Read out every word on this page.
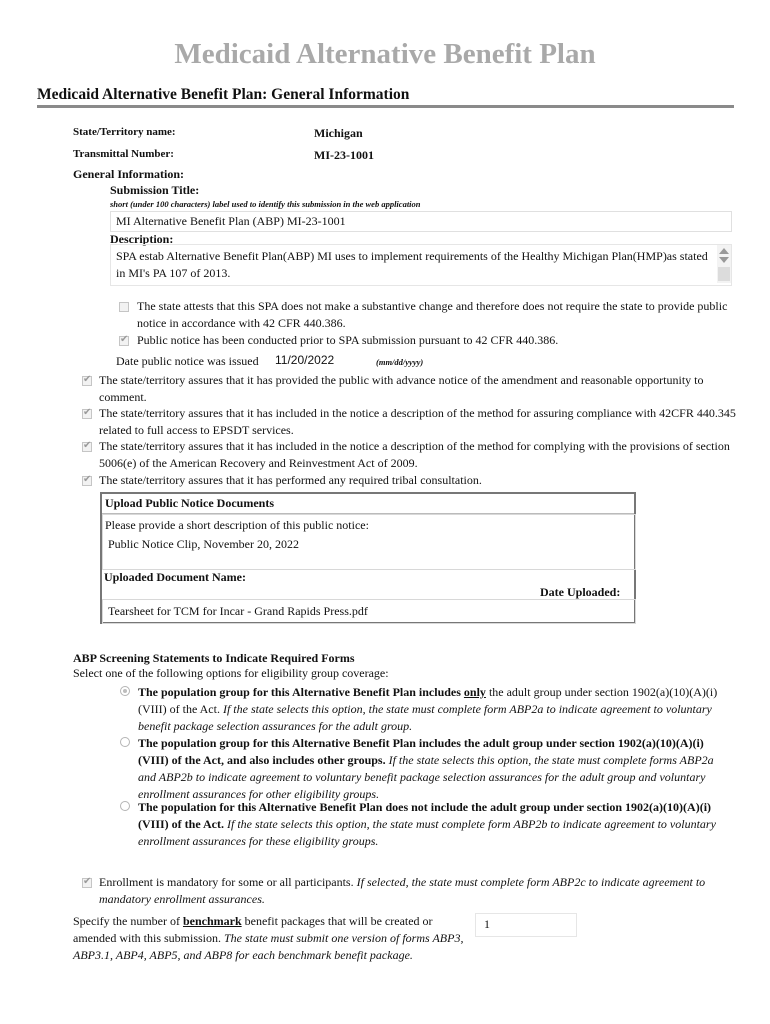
Medicaid Alternative Benefit Plan
Medicaid Alternative Benefit Plan: General Information
State/Territory name:	Michigan
Transmittal Number:	MI-23-1001
General Information:
Submission Title:
short (under 100 characters) label used to identify this submission in the web application
MI Alternative Benefit Plan (ABP) MI-23-1001
Description:
SPA estab Alternative Benefit Plan(ABP) MI uses to implement requirements of the Healthy Michigan Plan(HMP)as stated in MI's PA 107 of 2013.
The state attests that this SPA does not make a substantive change and therefore does not require the state to provide public notice in accordance with 42 CFR 440.386.
✔
Public notice has been conducted prior to SPA submission pursuant to 42 CFR 440.386.
Date public notice was issued 11/20/2022	(mm/dd/yyyy)
✔
The state/territory assures that it has provided the public with advance notice of the amendment and reasonable opportunity to comment.
✔
The state/territory assures that it has included in the notice a description of the method for assuring compliance with 42CFR 440.345 related to full access to EPSDT services.
✔
The state/territory assures that it has included in the notice a description of the method for complying with the provisions of section 5006(e) of the American Recovery and Reinvestment Act of 2009.
✔
The state/territory assures that it has performed any required tribal consultation.
Upload Public Notice Documents
Please provide a short description of this public notice:
Public Notice Clip, November 20, 2022
Uploaded Document Name:
Date Uploaded:
Tearsheet for TCM for Incar - Grand Rapids Press.pdf
ABP Screening Statements to Indicate Required Forms
Select one of the following options for eligibility group coverage:
The population group for this Alternative Benefit Plan includes only the adult group under section 1902(a)(10)(A)(i)(VIII) of the Act. If the state selects this option, the state must complete form ABP2a to indicate agreement to voluntary benefit package selection assurances for the adult group.
The population group for this Alternative Benefit Plan includes the adult group under section 1902(a)(10)(A)(i)(VIII) of the Act, and also includes other groups. If the state selects this option, the state must complete forms ABP2a and ABP2b to indicate agreement to voluntary benefit package selection assurances for the adult group and voluntary enrollment assurances for other eligibility groups.
The population for this Alternative Benefit Plan does not include the adult group under section 1902(a)(10)(A)(i)(VIII) of the Act. If the state selects this option, the state must complete form ABP2b to indicate agreement to voluntary enrollment assurances for these eligibility groups.
✔
Enrollment is mandatory for some or all participants. If selected, the state must complete form ABP2c to indicate agreement to mandatory enrollment assurances.
Specify the number of benchmark benefit packages that will be created or amended with this submission. The state must submit one version of forms ABP3, ABP3.1, ABP4, ABP5, and ABP8 for each benchmark benefit package.
1
